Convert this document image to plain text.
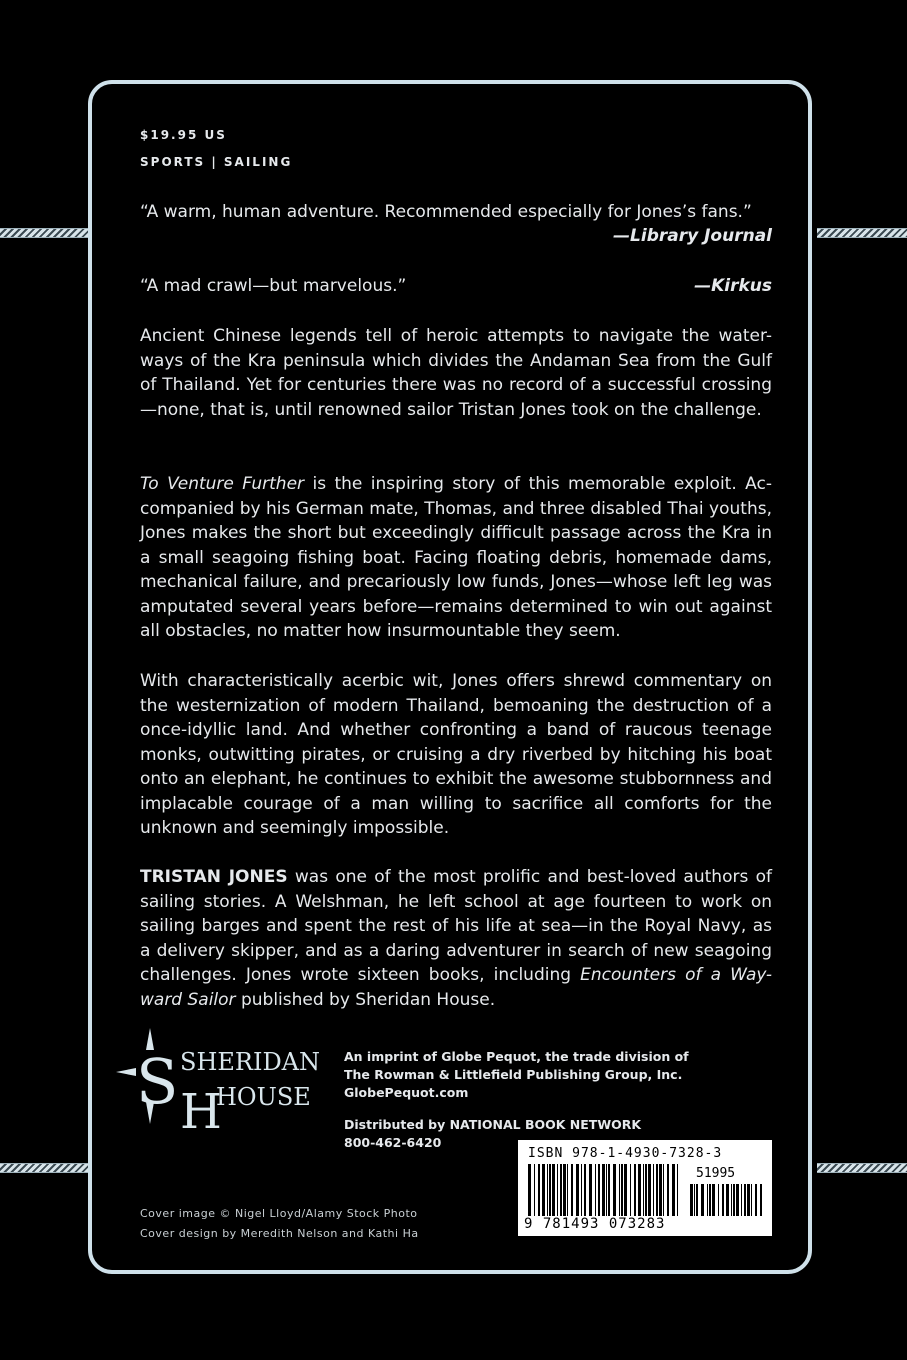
$19.95 US
SPORTS | SAILING
“A warm, human adventure. Recommended especially for Jones’s fans.”
—Library Journal
“A mad crawl—but marvelous.”	—Kirkus
Ancient Chinese legends tell of heroic attempts to navigate the water-ways of the Kra peninsula which divides the Andaman Sea from the Gulf of Thailand. Yet for centuries there was no record of a successful crossing—none, that is, until renowned sailor Tristan Jones took on the challenge.
To Venture Further is the inspiring story of this memorable exploit. Ac-companied by his German mate, Thomas, and three disabled Thai youths, Jones makes the short but exceedingly difficult passage across the Kra in a small seagoing fishing boat. Facing floating debris, homemade dams, mechanical failure, and precariously low funds, Jones—whose left leg was amputated several years before—remains determined to win out against all obstacles, no matter how insurmountable they seem.
With characteristically acerbic wit, Jones offers shrewd commentary on the westernization of modern Thailand, bemoaning the destruction of a once-idyllic land. And whether confronting a band of raucous teenage monks, outwitting pirates, or cruising a dry riverbed by hitching his boat onto an elephant, he continues to exhibit the awesome stubbornness and implacable courage of a man willing to sacrifice all comforts for the unknown and seemingly impossible.
TRISTAN JONES was one of the most prolific and best-loved authors of sailing stories. A Welshman, he left school at age fourteen to work on sailing barges and spent the rest of his life at sea—in the Royal Navy, as a delivery skipper, and as a daring adventurer in search of new seagoing challenges. Jones wrote sixteen books, including Encounters of a Way-ward Sailor published by Sheridan House.
S SHERIDAN
H
HOUSE
An imprint of Globe Pequot, the trade division of
The Rowman & Littlefield Publishing Group, Inc.
GlobePequot.com
Distributed by NATIONAL BOOK NETWORK
800-462-6420
ISBN 978-1-4930-7328-3
51995
9 781493 073283
Cover image © Nigel Lloyd/Alamy Stock Photo
Cover design by Meredith Nelson and Kathi Ha
